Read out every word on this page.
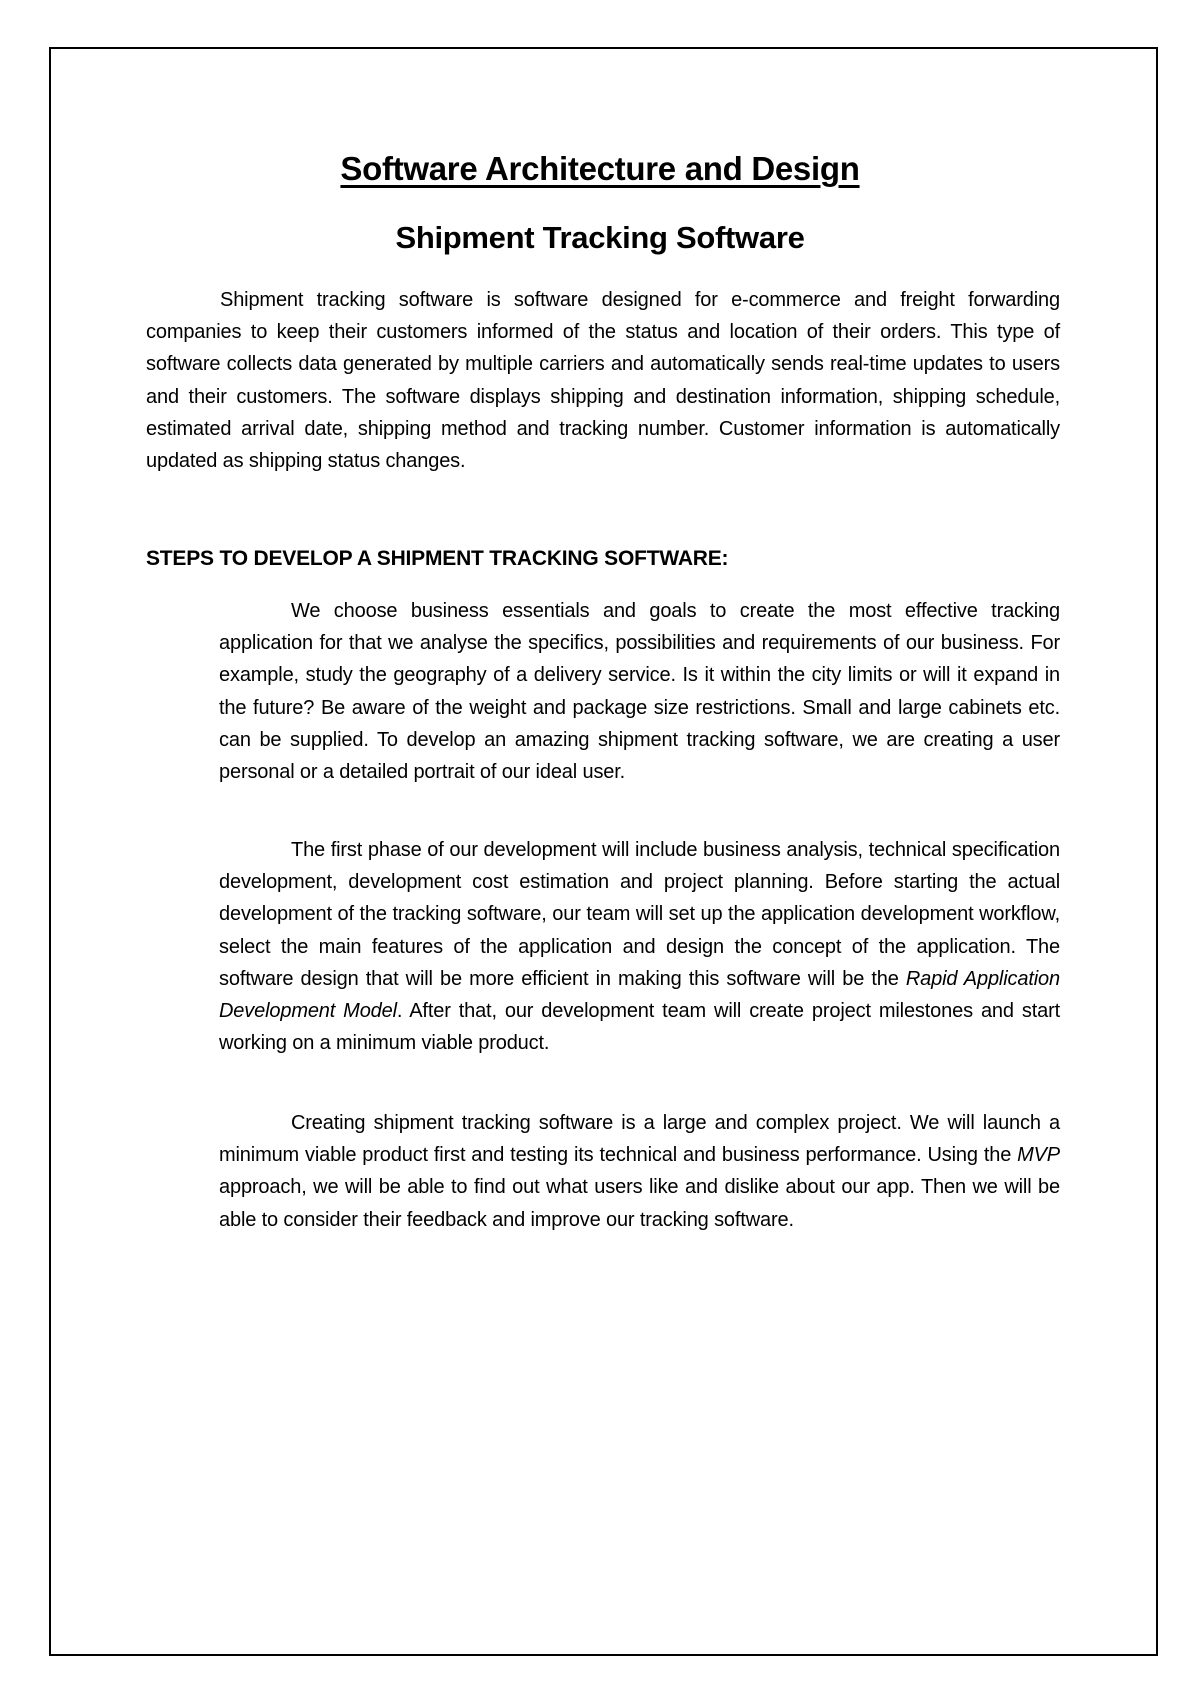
Software Architecture and Design
Shipment Tracking Software

Shipment tracking software is software designed for e-commerce and freight forwarding companies to keep their customers informed of the status and location of their orders. This type of software collects data generated by multiple carriers and automatically sends real-time updates to users and their customers. The software displays shipping and destination information, shipping schedule, estimated arrival date, shipping method and tracking number. Customer information is automatically updated as shipping status changes.

STEPS TO DEVELOP A SHIPMENT TRACKING SOFTWARE:

We choose business essentials and goals to create the most effective tracking application for that we analyse the specifics, possibilities and requirements of our business. For example, study the geography of a delivery service. Is it within the city limits or will it expand in the future? Be aware of the weight and package size restrictions. Small and large cabinets etc. can be supplied. To develop an amazing shipment tracking software, we are creating a user personal or a detailed portrait of our ideal user.

The first phase of our development will include business analysis, technical specification development, development cost estimation and project planning. Before starting the actual development of the tracking software, our team will set up the application development workflow, select the main features of the application and design the concept of the application. The software design that will be more efficient in making this software will be the Rapid Application Development Model. After that, our development team will create project milestones and start working on a minimum viable product.

Creating shipment tracking software is a large and complex project. We will launch a minimum viable product first and testing its technical and business performance. Using the MVP approach, we will be able to find out what users like and dislike about our app. Then we will be able to consider their feedback and improve our tracking software.
